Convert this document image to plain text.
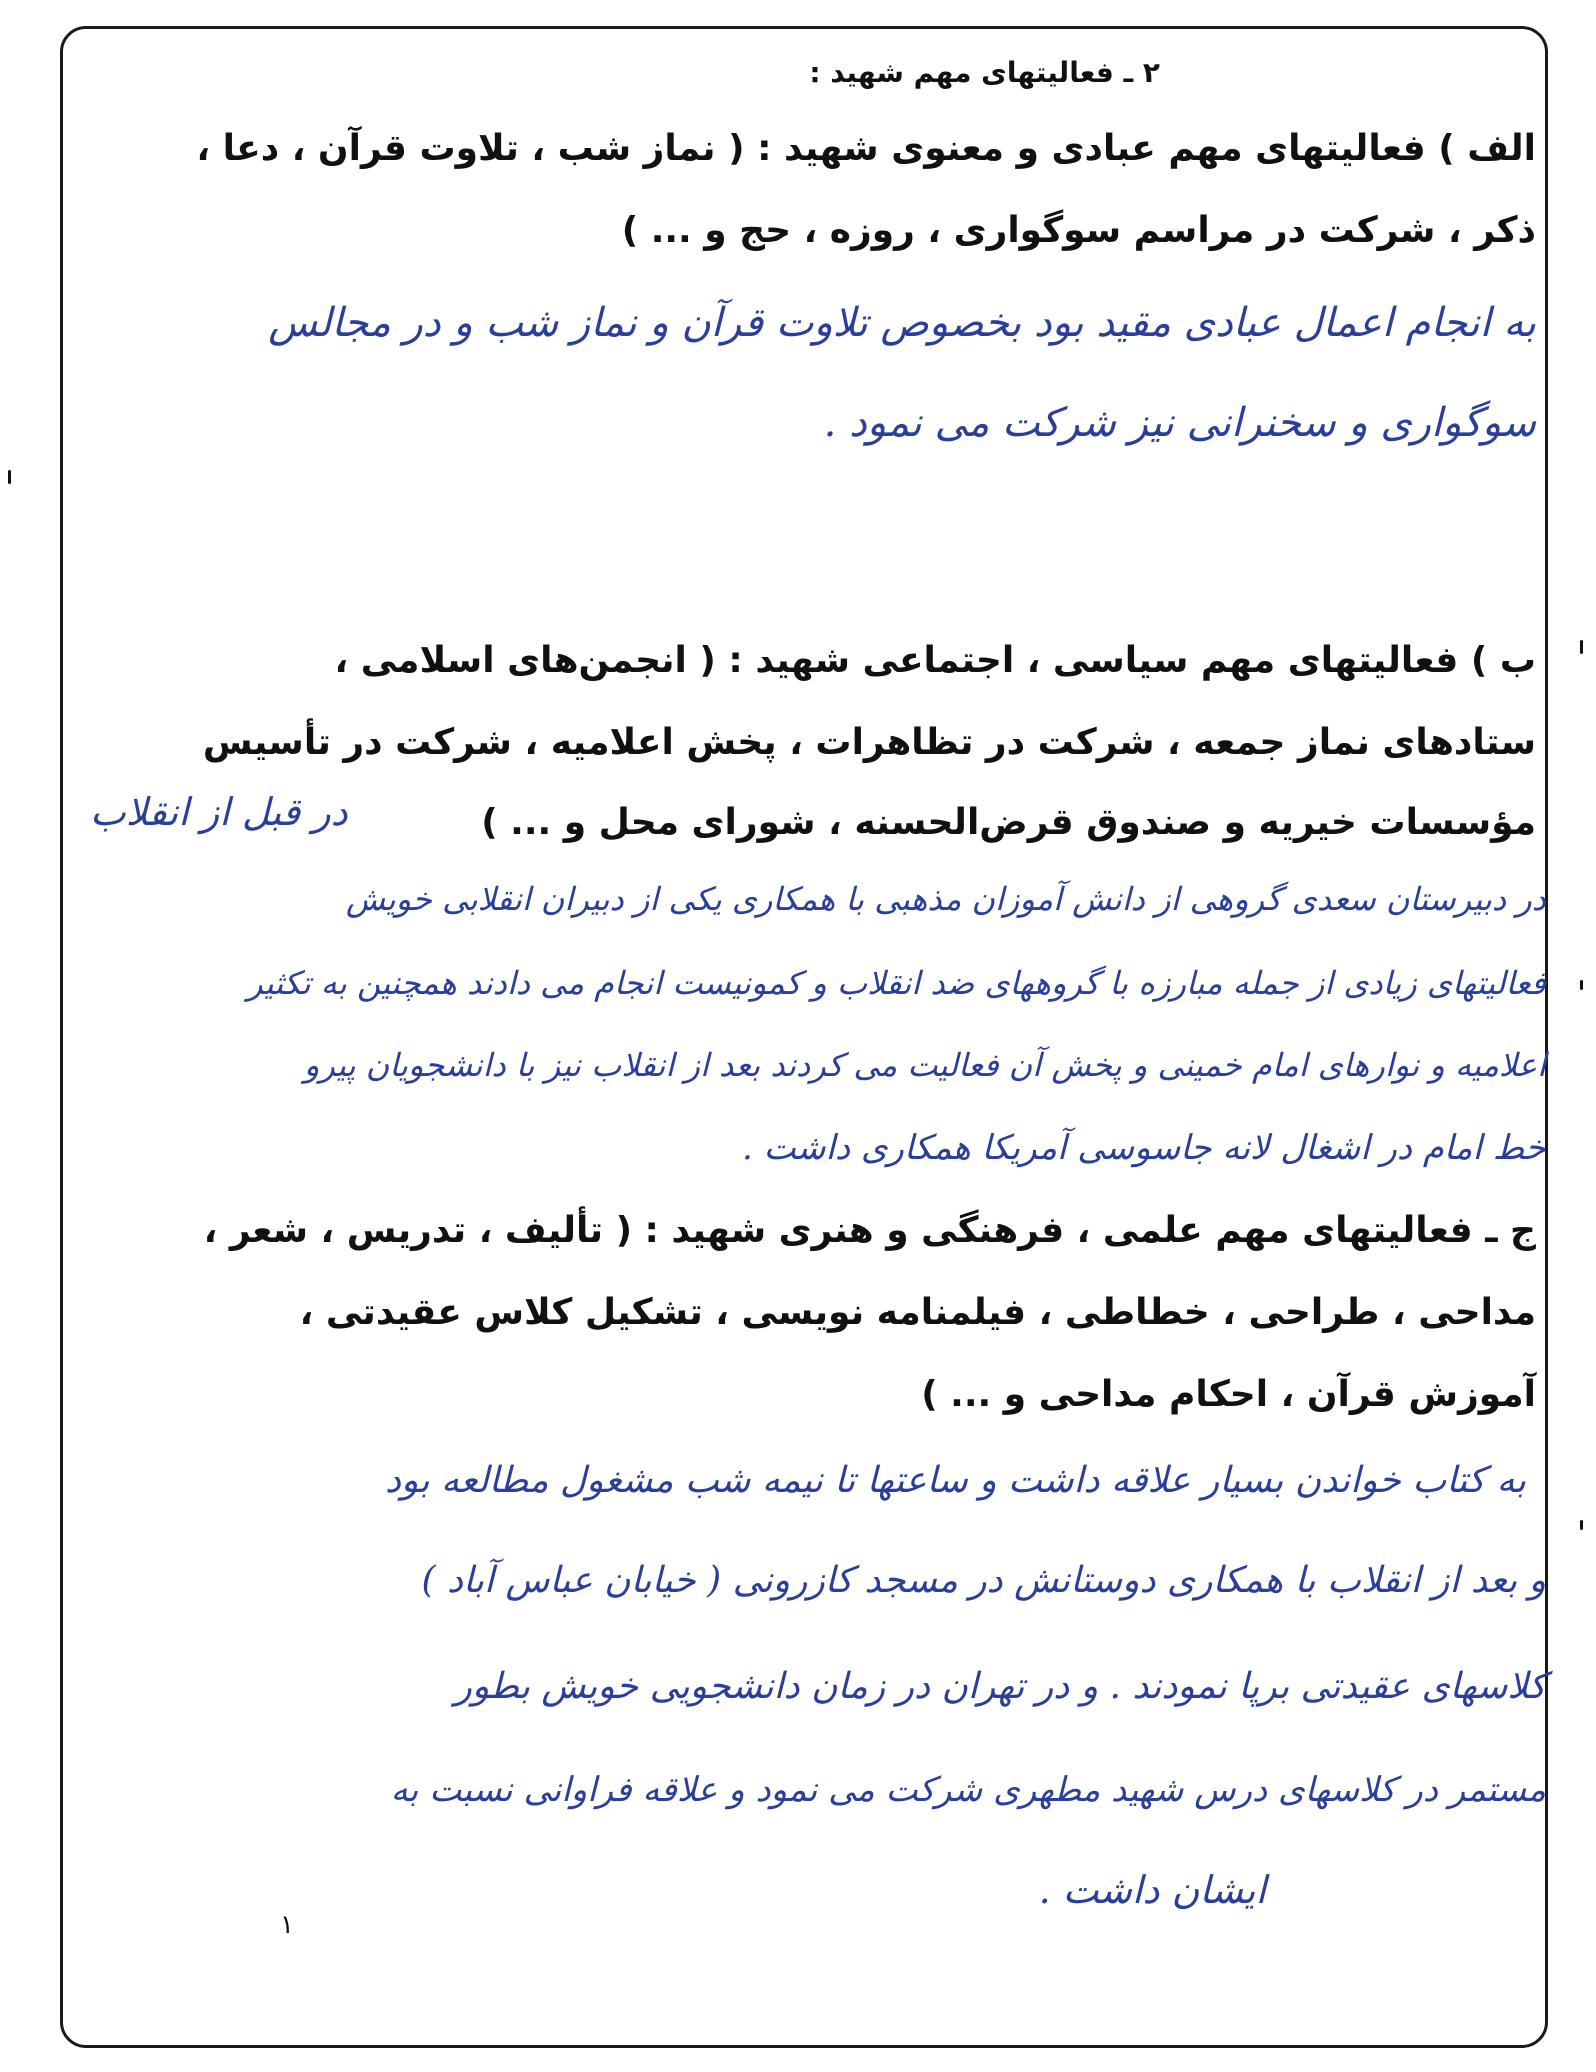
۲ ـ فعالیتهای مهم شهید :
الف ) فعالیتهای مهم عبادی و معنوی شهید : ( نماز شب ، تلاوت قرآن ، دعا ،
ذکر ، شرکت در مراسم سوگواری ، روزه ، حج و ... )
به انجام اعمال عبادی مقید بود بخصوص تلاوت قرآن و نماز شب و در مجالس
سوگواری و سخنرانی نیز شرکت می نمود .
ب ) فعالیتهای مهم سیاسی ، اجتماعی شهید : ( انجمن‌های اسلامی ،
ستادهای نماز جمعه ، شرکت در تظاهرات ، پخش اعلامیه ، شرکت در تأسیس
مؤسسات خیریه و صندوق قرض‌الحسنه ، شورای محل و ... )
در قبل از انقلاب
در دبیرستان سعدی گروهی از دانش آموزان مذهبی با همکاری یکی از دبیران انقلابی خویش
فعالیتهای زیادی از جمله مبارزه با گروههای ضد انقلاب و کمونیست انجام می دادند همچنین به تکثیر
اعلامیه و نوارهای امام خمینی و پخش آن فعالیت می کردند بعد از انقلاب نیز با دانشجویان پیرو
خط امام در اشغال لانه جاسوسی آمریکا همکاری داشت .
ج ـ فعالیتهای مهم علمی ، فرهنگی و هنری شهید : ( تألیف ، تدریس ، شعر ،
مداحی ، طراحی ، خطاطی ، فیلمنامه نویسی ، تشکیل کلاس عقیدتی ،
آموزش قرآن ، احکام مداحی و ... )
به کتاب خواندن بسیار علاقه داشت و ساعتها تا نیمه شب مشغول مطالعه بود
و بعد از انقلاب با همکاری دوستانش در مسجد کازرونی ( خیابان عباس آباد )
کلاسهای عقیدتی برپا نمودند . و در تهران در زمان دانشجویی خویش بطور
مستمر در کلاسهای درس شهید مطهری شرکت می نمود و علاقه فراوانی نسبت به
ایشان داشت .
۱
